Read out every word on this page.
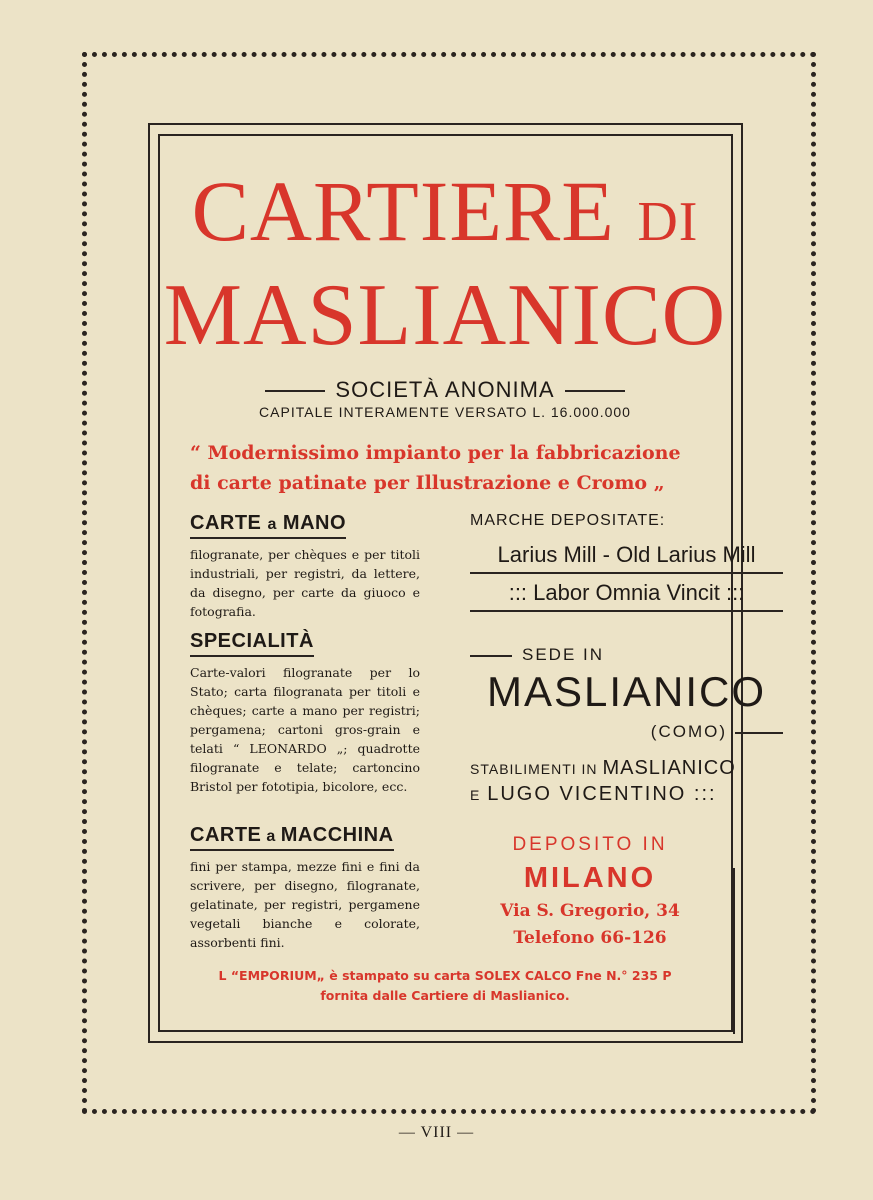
CARTIERE DI
MASLIANICO
SOCIETÀ ANONIMA
CAPITALE INTERAMENTE VERSATO L. 16.000.000
“ Modernissimo impianto per la fabbricazione
di carte patinate per Illustrazione e Cromo „
CARTE a MANO
filogranate, per chèques e per titoli industriali, per registri, da lettere, da disegno, per carte da giuoco e fotografia.
SPECIALITÀ
Carte-valori filogranate per lo Stato; carta filogranata per titoli e chèques; carte a mano per registri; pergamena; cartoni gros-grain e telati “ LEONARDO „; quadrotte filogranate e telate; cartoncino Bristol per fototipia, bicolore, ecc.
CARTE a MACCHINA
fini per stampa, mezze fini e fini da scrivere, per disegno, filogranate, gelatinate, per registri, pergamene vegetali bianche e colorate, assorbenti fini.
MARCHE DEPOSITATE:
Larius Mill - Old Larius Mill
::: Labor Omnia Vincit :::
SEDE IN
MASLIANICO
(COMO)
STABILIMENTI IN MASLIANICO
E LUGO VICENTINO :::
DEPOSITO IN
MILANO
Via S. Gregorio, 34
Telefono 66-126
L “EMPORIUM„ è stampato su carta SOLEX CALCO Fne N.° 235 P
fornita dalle Cartiere di Maslianico.
— VIII —
